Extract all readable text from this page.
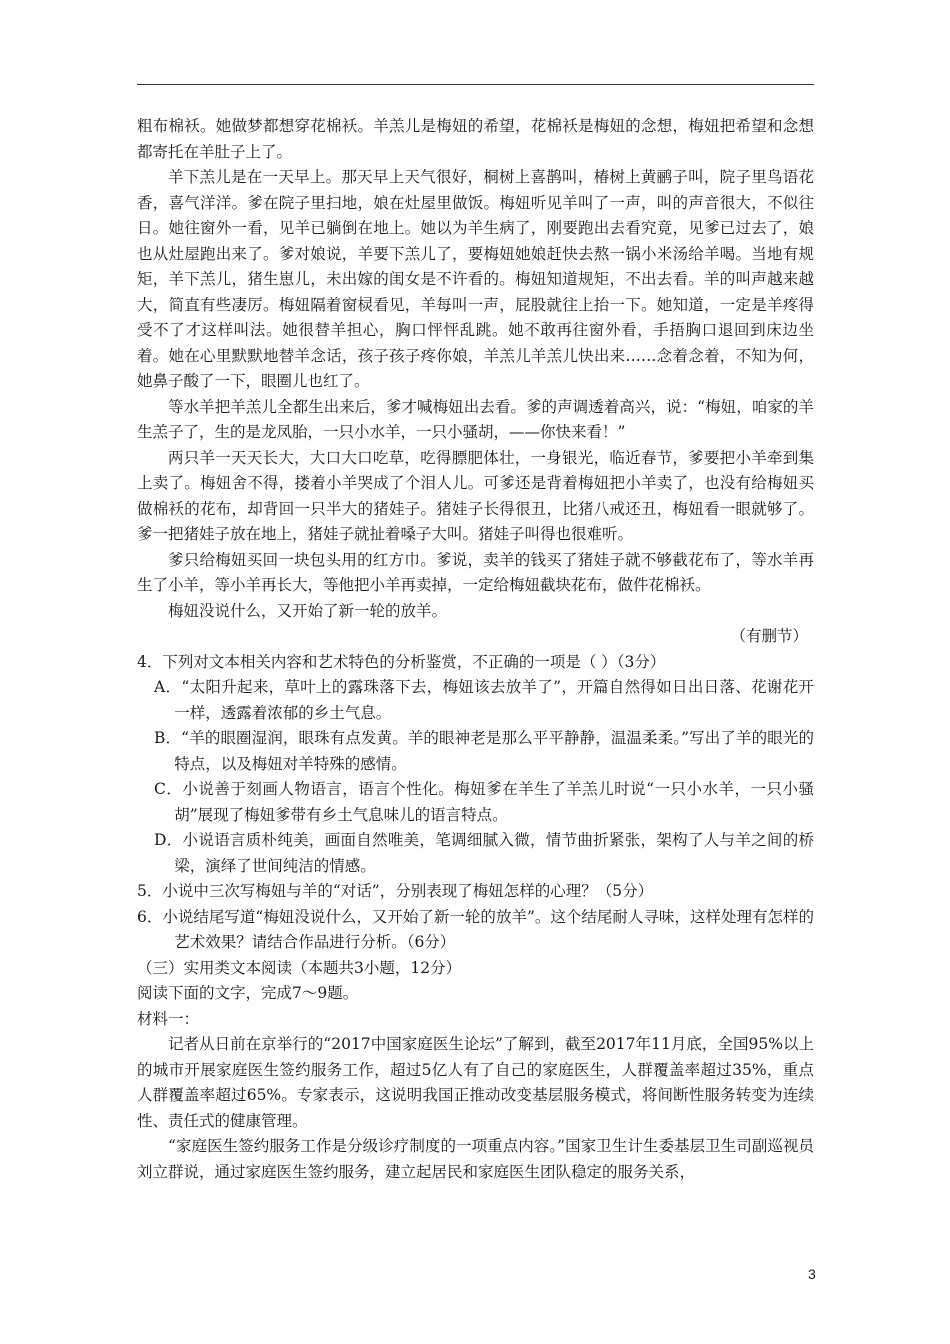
粗布棉袄。她做梦都想穿花棉袄。羊羔儿是梅妞的希望，花棉袄是梅妞的念想，梅妞把希望和念想都寄托在羊肚子上了。

羊下羔儿是在一天早上。那天早上天气很好，桐树上喜鹊叫，椿树上黄鹂子叫，院子里鸟语花香，喜气洋洋。爹在院子里扫地，娘在灶屋里做饭。梅妞听见羊叫了一声，叫的声音很大，不似往日。她往窗外一看，见羊已躺倒在地上。她以为羊生病了，刚要跑出去看究竟，见爹已过去了，娘也从灶屋跑出来了。爹对娘说，羊要下羔儿了，要梅妞她娘赶快去熬一锅小米汤给羊喝。当地有规矩，羊下羔儿，猪生崽儿，未出嫁的闺女是不许看的。梅妞知道规矩，不出去看。羊的叫声越来越大，简直有些凄厉。梅妞隔着窗棂看见，羊每叫一声，屁股就往上抬一下。她知道，一定是羊疼得受不了才这样叫法。她很替羊担心，胸口怦怦乱跳。她不敢再往窗外看，手捂胸口退回到床边坐着。她在心里默默地替羊念话，孩子孩子疼你娘，羊羔儿羊羔儿快出来……念着念着，不知为何，她鼻子酸了一下，眼圈儿也红了。

等水羊把羊羔儿全都生出来后，爹才喊梅妞出去看。爹的声调透着高兴，说：“梅妞，咱家的羊生羔子了，生的是龙凤胎，一只小水羊，一只小骚胡，——你快来看！”

两只羊一天天长大，大口大口吃草，吃得膘肥体壮，一身银光，临近春节，爹要把小羊牵到集上卖了。梅妞舍不得，搂着小羊哭成了个泪人儿。可爹还是背着梅妞把小羊卖了，也没有给梅妞买做棉袄的花布，却背回一只半大的猪娃子。猪娃子长得很丑，比猪八戒还丑，梅妞看一眼就够了。爹一把猪娃子放在地上，猪娃子就扯着嗓子大叫。猪娃子叫得也很难听。

爹只给梅妞买回一块包头用的红方巾。爹说，卖羊的钱买了猪娃子就不够截花布了，等水羊再生了小羊，等小羊再长大，等他把小羊再卖掉，一定给梅妞截块花布，做件花棉袄。

梅妞没说什么，又开始了新一轮的放羊。

（有删节）

4．下列对文本相关内容和艺术特色的分析鉴赏，不正确的一项是（ ）（3分）

A．“太阳升起来，草叶上的露珠落下去，梅妞该去放羊了”，开篇自然得如日出日落、花谢花开一样，透露着浓郁的乡土气息。

B．“羊的眼圈湿润，眼珠有点发黄。羊的眼神老是那么平平静静，温温柔柔。”写出了羊的眼光的特点，以及梅妞对羊特殊的感情。

C．小说善于刻画人物语言，语言个性化。梅妞爹在羊生了羊羔儿时说“一只小水羊，一只小骚胡”展现了梅妞爹带有乡土气息味儿的语言特点。

D．小说语言质朴纯美，画面自然唯美，笔调细腻入微，情节曲折紧张，架构了人与羊之间的桥梁，演绎了世间纯洁的情感。

5．小说中三次写梅妞与羊的“对话”，分别表现了梅妞怎样的心理？（5分）

6．小说结尾写道“梅妞没说什么，又开始了新一轮的放羊”。这个结尾耐人寻味，这样处理有怎样的艺术效果？请结合作品进行分析。（6分）

（三）实用类文本阅读（本题共3小题，12分）

阅读下面的文字，完成7～9题。

材料一：

记者从日前在京举行的“2017中国家庭医生论坛”了解到，截至2017年11月底，全国95%以上的城市开展家庭医生签约服务工作，超过5亿人有了自己的家庭医生，人群覆盖率超过35%，重点人群覆盖率超过65%。专家表示，这说明我国正推动改变基层服务模式，将间断性服务转变为连续性、责任式的健康管理。

“家庭医生签约服务工作是分级诊疗制度的一项重点内容。”国家卫生计生委基层卫生司副巡视员刘立群说，通过家庭医生签约服务，建立起居民和家庭医生团队稳定的服务关系，

3
